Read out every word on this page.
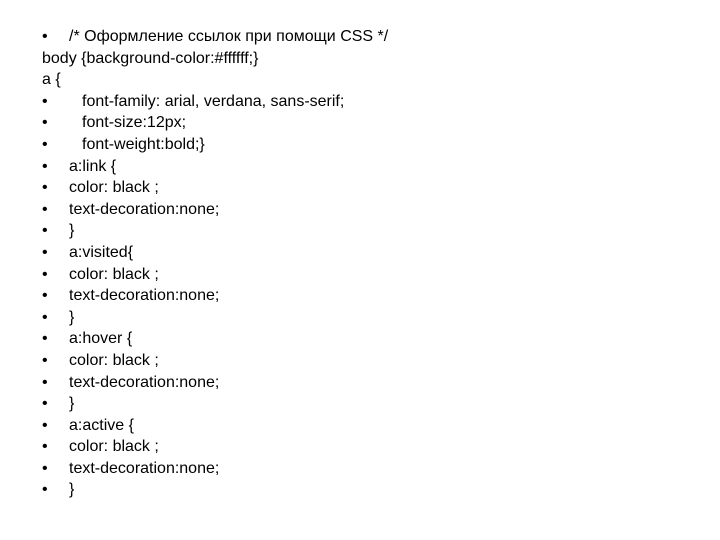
•	/* Оформление ссылок при помощи CSS */
body {background-color:#ffffff;}
a {
•	font-family: arial, verdana, sans-serif;
•	font-size:12px;
•	font-weight:bold;}
•	a:link {
•	color: black ;
•	text-decoration:none;
•	}
•	a:visited{
•	color: black ;
•	text-decoration:none;
•	}
•	a:hover {
•	color: black ;
•	text-decoration:none;
•	}
•	a:active {
•	color: black ;
•	text-decoration:none;
•	}
